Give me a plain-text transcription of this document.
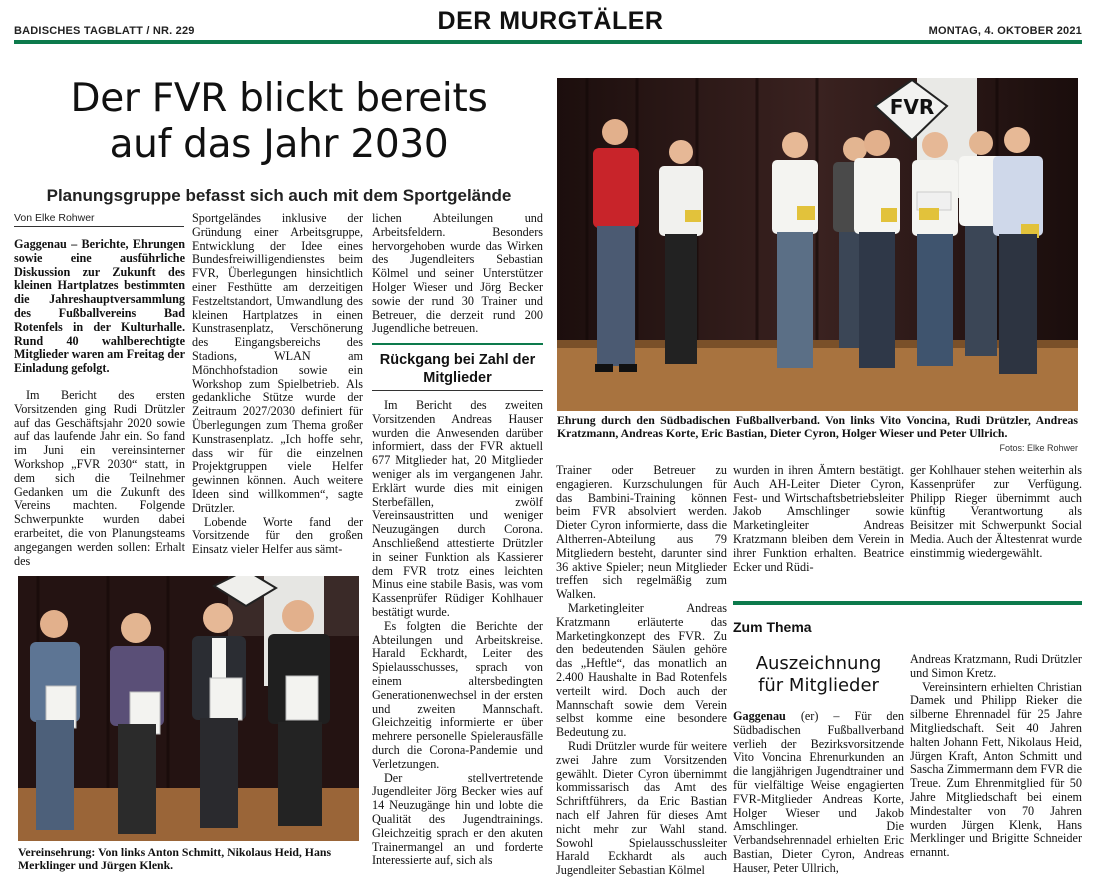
BADISCHES TAGBLATT / NR. 229	DER MURGTÄLER	MONTAG, 4. OKTOBER 2021
Der FVR blickt bereits
auf das Jahr 2030
Planungsgruppe befasst sich auch mit dem Sportgelände
Von Elke Rohwer

Gaggenau – Berichte, Ehrungen sowie eine ausführliche Diskussion zur Zukunft des kleinen Hartplatzes bestimmten die Jahreshauptversammlung des Fußballvereins Bad Rotenfels in der Kulturhalle. Rund 40 wahlberechtigte Mitglieder waren am Freitag der Einladung gefolgt.

Im Bericht des ersten Vorsitzenden ging Rudi Drützler auf das Geschäftsjahr 2020 sowie auf das laufende Jahr ein. So fand im Juni ein vereinsinterner Workshop „FVR 2030“ statt, in dem sich die Teilnehmer Gedanken um die Zukunft des Vereins machten. Folgende Schwerpunkte wurden dabei erarbeitet, die von Planungsteams angegangen werden sollen: Erhalt des

Sportgeländes inklusive der Gründung einer Arbeitsgruppe, Entwicklung der Idee eines Bundesfreiwilligendienstes beim FVR, Überlegungen hinsichtlich einer Festhütte am derzeitigen Festzeltstandort, Umwandlung des kleinen Hartplatzes in einen Kunstrasenplatz, Verschönerung des Eingangsbereichs des Stadions, WLAN am Mönchhofstadion sowie ein Workshop zum Spielbetrieb. Als gedankliche Stütze wurde der Zeitraum 2027/2030 definiert für Überlegungen zum Thema großer Kunstrasenplatz. „Ich hoffe sehr, dass wir für die einzelnen Projektgruppen viele Helfer gewinnen können. Auch weitere Ideen sind willkommen“, sagte Drützler.

Lobende Worte fand der Vorsitzende für den großen Einsatz vieler Helfer aus sämt-

lichen Abteilungen und Arbeitsfeldern. Besonders hervorgehoben wurde das Wirken des Jugendleiters Sebastian Kölmel und seiner Unterstützer Holger Wieser und Jörg Becker sowie der rund 30 Trainer und Betreuer, die derzeit rund 200 Jugendliche betreuen.

Rückgang bei Zahl der Mitglieder

Im Bericht des zweiten Vorsitzenden Andreas Hauser wurden die Anwesenden darüber informiert, dass der FVR aktuell 677 Mitglieder hat, 20 Mitglieder weniger als im vergangenen Jahr. Erklärt wurde dies mit einigen Sterbefällen, zwölf Vereinsaustritten und weniger Neuzugängen durch Corona. Anschließend attestierte Drützler in seiner Funktion als Kassierer dem FVR trotz eines leichten Minus eine stabile Basis, was vom Kassenprüfer Rüdiger Kohlhauer bestätigt wurde.

Es folgten die Berichte der Abteilungen und Arbeitskreise. Harald Eckhardt, Leiter des Spielausschusses, sprach von einem altersbedingten Generationenwechsel in der ersten und zweiten Mannschaft. Gleichzeitig informierte er über mehrere personelle Spielerausfälle durch die Corona-Pandemie und Verletzungen.

Der stellvertretende Jugendleiter Jörg Becker wies auf 14 Neuzugänge hin und lobte die Qualität des Jugendtrainings. Gleichzeitig sprach er den akuten Trainermangel an und forderte Interessierte auf, sich als

FVR
Ehrung durch den Südbadischen Fußballverband. Von links Vito Voncina, Rudi Drützler, Andreas Kratzmann, Andreas Korte, Eric Bastian, Dieter Cyron, Holger Wieser und Peter Ullrich.
Fotos: Elke Rohwer
Vereinsehrung: Von links Anton Schmitt, Nikolaus Heid, Hans Merklinger und Jürgen Klenk.

Trainer oder Betreuer zu engagieren. Kurzschulungen für das Bambini-Training können beim FVR absolviert werden. Dieter Cyron informierte, dass die Altherren-Abteilung aus 79 Mitgliedern besteht, darunter sind 36 aktive Spieler; neun Mitglieder treffen sich regelmäßig zum Walken.

Marketingleiter Andreas Kratzmann erläuterte das Marketingkonzept des FVR. Zu den bedeutenden Säulen gehöre das „Heftle“, das monatlich an 2.400 Haushalte in Bad Rotenfels verteilt wird. Doch auch der Mannschaft sowie dem Verein selbst komme eine besondere Bedeutung zu.

Rudi Drützler wurde für weitere zwei Jahre zum Vorsitzenden gewählt. Dieter Cyron übernimmt kommissarisch das Amt des Schriftführers, da Eric Bastian nach elf Jahren für dieses Amt nicht mehr zur Wahl stand. Sowohl Spielausschussleiter Harald Eckhardt als auch Jugendleiter Sebastian Kölmel

wurden in ihren Ämtern bestätigt. Auch AH-Leiter Dieter Cyron, Fest- und Wirtschaftsbetriebsleiter Jakob Amschlinger sowie Marketingleiter Andreas Kratzmann bleiben dem Verein in ihrer Funktion erhalten. Beatrice Ecker und Rüdi-

ger Kohlhauer stehen weiterhin als Kassenprüfer zur Verfügung. Philipp Rieger übernimmt auch künftig Verantwortung als Beisitzer mit Schwerpunkt Social Media. Auch der Ältestenrat wurde einstimmig wiedergewählt.

Zum Thema
Auszeichnung
für Mitglieder

Gaggenau (er) – Für den Südbadischen Fußballverband verlieh der Bezirksvorsitzende Vito Voncina Ehrenurkunden an die langjährigen Jugendtrainer und für vielfältige Weise engagierten FVR-Mitglieder Andreas Korte, Holger Wieser und Jakob Amschlinger. Die Verbandsehrennadel erhielten Eric Bastian, Dieter Cyron, Andreas Hauser, Peter Ullrich,

Andreas Kratzmann, Rudi Drützler und Simon Kretz.

Vereinsintern erhielten Christian Damek und Philipp Rieker die silberne Ehrennadel für 25 Jahre Mitgliedschaft. Seit 40 Jahren halten Johann Fett, Nikolaus Heid, Jürgen Kraft, Anton Schmitt und Sascha Zimmermann dem FVR die Treue. Zum Ehrenmitglied für 50 Jahre Mitgliedschaft bei einem Mindestalter von 70 Jahren wurden Jürgen Klenk, Hans Merklinger und Brigitte Schneider ernannt.
